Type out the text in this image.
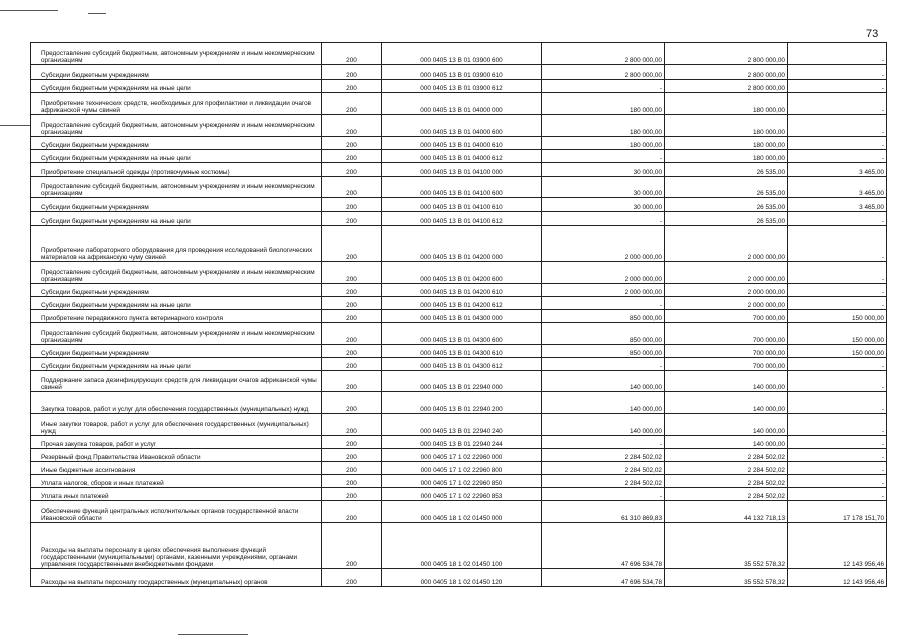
73
Предоставление субсидий бюджетным, автономным учреждениям и иным некоммерческим организациям	200	000 0405 13 В 01 03900 600	2 800 000,00	2 800 000,00	-

Субсидии бюджетным учреждениям	200	000 0405 13 В 01 03900 610	2 800 000,00	2 800 000,00	-

Субсидии бюджетным учреждениям на иные цели	200	000 0405 13 В 01 03900 612	-	2 800 000,00	-

Приобретение технических средств, необходимых для профилактики и ликвидации очагов африканской чумы свиней	200	000 0405 13 В 01 04000 000	180 000,00	180 000,00	-

Предоставление субсидий бюджетным, автономным учреждениям и иным некоммерческим организациям	200	000 0405 13 В 01 04000 600	180 000,00	180 000,00	-

Субсидии бюджетным учреждениям	200	000 0405 13 В 01 04000 610	180 000,00	180 000,00	-

Субсидии бюджетным учреждениям на иные цели	200	000 0405 13 В 01 04000 612	-	180 000,00	-

Приобретение специальной одежды (противочумные костюмы)	200	000 0405 13 В 01 04100 000	30 000,00	26 535,00	3 465,00

Предоставление субсидий бюджетным, автономным учреждениям и иным некоммерческим организациям	200	000 0405 13 В 01 04100 600	30 000,00	26 535,00	3 465,00

Субсидии бюджетным учреждениям	200	000 0405 13 В 01 04100 610	30 000,00	26 535,00	3 465,00

Субсидии бюджетным учреждениям на иные цели	200	000 0405 13 В 01 04100 612	-	26 535,00	-

Приобретение лабораторного оборудования для проведения исследований биологических материалов на африканскую чуму свиней	200	000 0405 13 В 01 04200 000	2 000 000,00	2 000 000,00	-

Предоставление субсидий бюджетным, автономным учреждениям и иным некоммерческим организациям	200	000 0405 13 В 01 04200 600	2 000 000,00	2 000 000,00	-

Субсидии бюджетным учреждениям	200	000 0405 13 В 01 04200 610	2 000 000,00	2 000 000,00	-

Субсидии бюджетным учреждениям на иные цели	200	000 0405 13 В 01 04200 612	-	2 000 000,00	-

Приобретение передвижного пункта ветеринарного контроля	200	000 0405 13 В 01 04300 000	850 000,00	700 000,00	150 000,00

Предоставление субсидий бюджетным, автономным учреждениям и иным некоммерческим организациям	200	000 0405 13 В 01 04300 600	850 000,00	700 000,00	150 000,00

Субсидии бюджетным учреждениям	200	000 0405 13 В 01 04300 610	850 000,00	700 000,00	150 000,00

Субсидии бюджетным учреждениям на иные цели	200	000 0405 13 В 01 04300 612	-	700 000,00	-

Поддержание запаса дезинфицирующих средств для ликвидации очагов африканской чумы свиней	200	000 0405 13 В 01 22940 000	140 000,00	140 000,00	-

Закупка товаров, работ и услуг для обеспечения государственных (муниципальных) нужд	200	000 0405 13 В 01 22940 200	140 000,00	140 000,00	-

Иные закупки товаров, работ и услуг для обеспечения государственных (муниципальных) нужд	200	000 0405 13 В 01 22940 240	140 000,00	140 000,00	-

Прочая закупка товаров, работ и услуг	200	000 0405 13 В 01 22940 244	-	140 000,00	-

Резервный фонд Правительства Ивановской области	200	000 0405 17 1 02 22960 000	2 284 502,02	2 284 502,02	-

Иные бюджетные ассигнования	200	000 0405 17 1 02 22960 800	2 284 502,02	2 284 502,02	-

Уплата налогов, сборов и иных платежей	200	000 0405 17 1 02 22960 850	2 284 502,02	2 284 502,02	-

Уплата иных платежей	200	000 0405 17 1 02 22960 853	-	2 284 502,02	-

Обеспечение функций центральных исполнительных органов государственной власти Ивановской области	200	000 0405 18 1 02 01450 000	61 310 869,83	44 132 718,13	17 178 151,70

Расходы на выплаты персоналу в целях обеспечения выполнения функций государственными (муниципальными) органами, казенными учреждениями, органами управления государственными внебюджетными фондами	200	000 0405 18 1 02 01450 100	47 696 534,78	35 552 578,32	12 143 956,46

Расходы на выплаты персоналу государственных (муниципальных) органов	200	000 0405 18 1 02 01450 120	47 696 534,78	35 552 578,32	12 143 956,46
